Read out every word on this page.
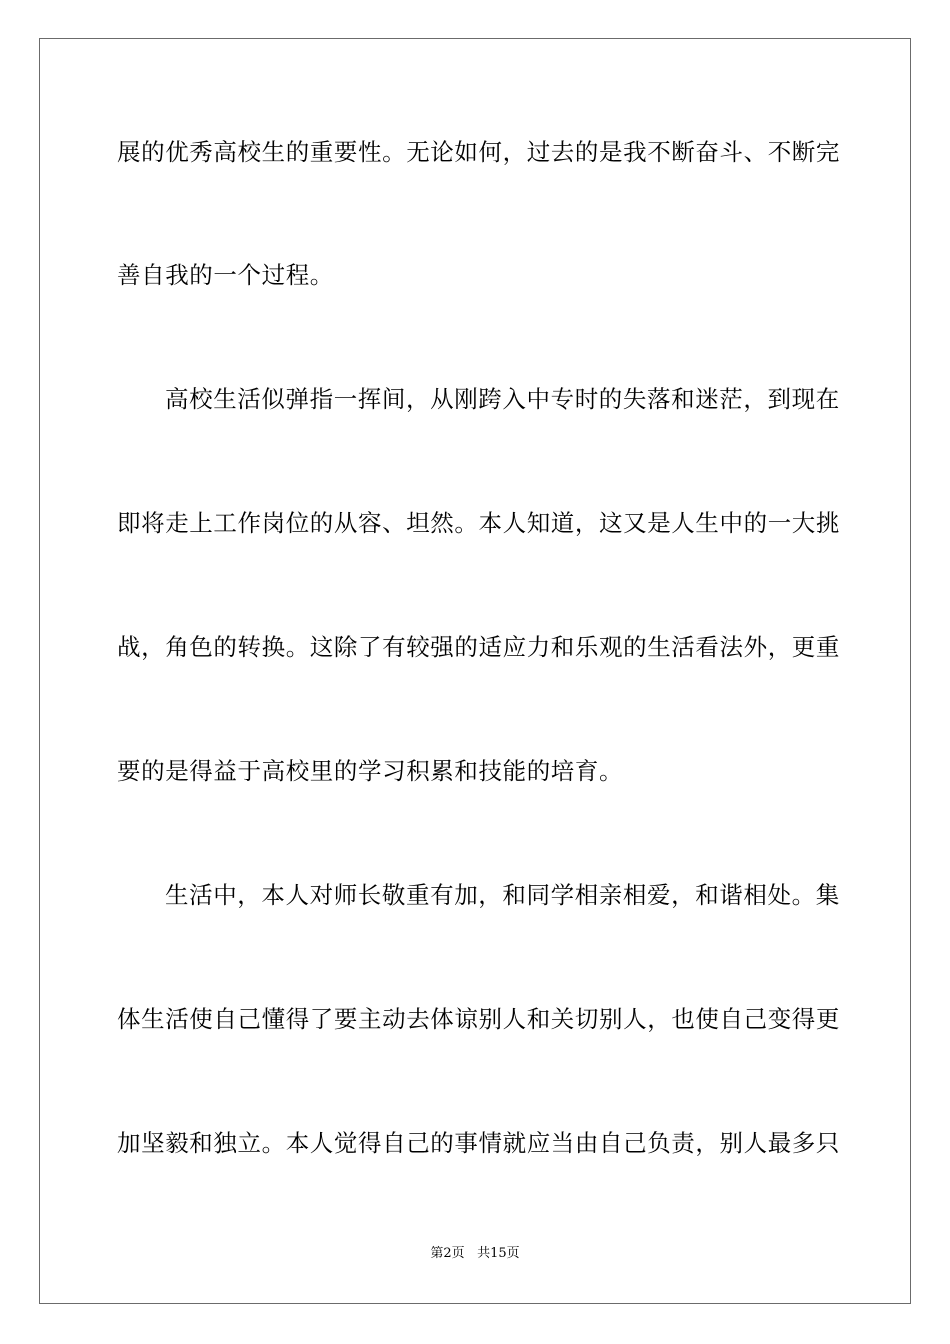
展的优秀高校生的重要性。无论如何，过去的是我不断奋斗、不断完
善自我的一个过程。
高校生活似弹指一挥间，从刚跨入中专时的失落和迷茫，到现在
即将走上工作岗位的从容、坦然。本人知道，这又是人生中的一大挑
战，角色的转换。这除了有较强的适应力和乐观的生活看法外，更重
要的是得益于高校里的学习积累和技能的培育。
生活中，本人对师长敬重有加，和同学相亲相爱，和谐相处。集
体生活使自己懂得了要主动去体谅别人和关切别人，也使自己变得更
加坚毅和独立。本人觉得自己的事情就应当由自己负责，别人最多只
第2页 共15页
